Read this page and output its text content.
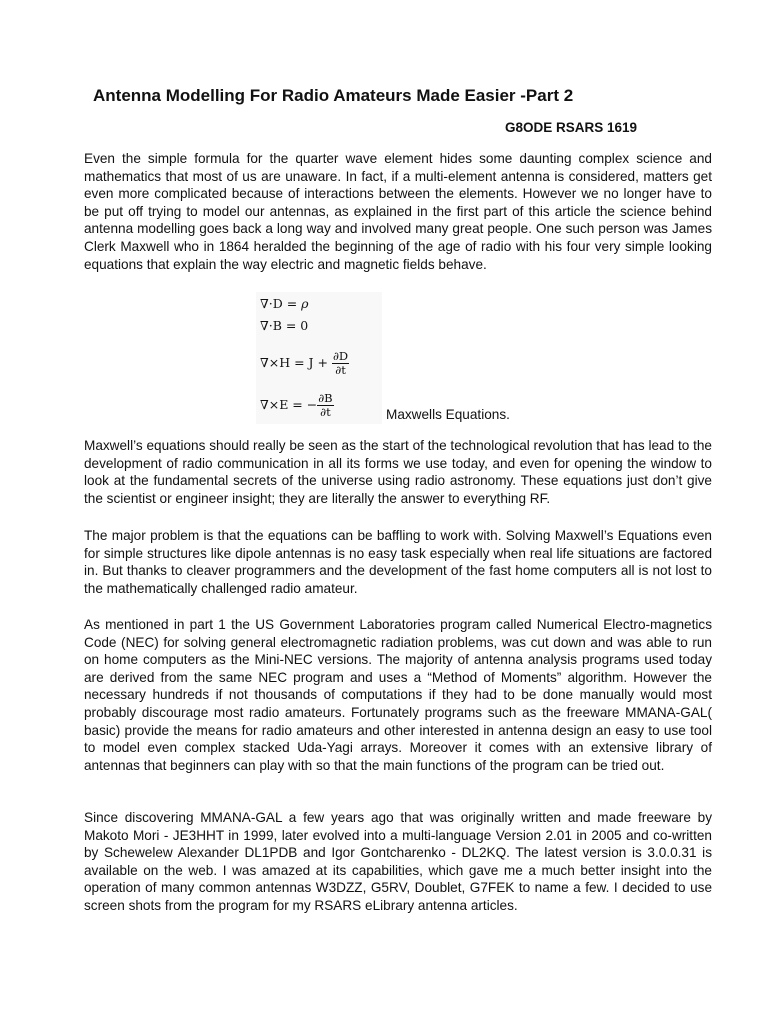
Antenna Modelling For Radio Amateurs Made Easier -Part 2
G8ODE RSARS 1619

Even the simple formula for the quarter wave element hides some daunting complex science and mathematics that most of us are unaware. In fact, if a multi-element antenna is considered, matters get even more complicated because of interactions between the elements. However we no longer have to be put off trying to model our antennas, as explained in the first part of this article the science behind antenna modelling goes back a long way and involved many great people. One such person was James Clerk Maxwell who in 1864 heralded the beginning of the age of radio with his four very simple looking equations that explain the way electric and magnetic fields behave.

∇·D = ρ
∇·B = 0
$\nabla\times H = J + \frac{\partial D}{\partial t}$
∇×E = − $\frac{\partial B}{\partial t}$	Maxwells Equations.

Maxwell’s equations should really be seen as the start of the technological revolution that has lead to the development of radio communication in all its forms we use today, and even for opening the window to look at the fundamental secrets of the universe using radio astronomy. These equations just don’t give the scientist or engineer insight; they are literally the answer to everything RF.

The major problem is that the equations can be baffling to work with. Solving Maxwell’s Equations even for simple structures like dipole antennas is no easy task especially when real life situations are factored in. But thanks to cleaver programmers and the development of the fast home computers all is not lost to the mathematically challenged radio amateur.

As mentioned in part 1 the US Government Laboratories program called Numerical Electro-magnetics Code (NEC) for solving general electromagnetic radiation problems, was cut down and was able to run on home computers as the Mini-NEC versions. The majority of antenna analysis programs used today are derived from the same NEC program and uses a “Method of Moments” algorithm. However the necessary hundreds if not thousands of computations if they had to be done manually would most probably discourage most radio amateurs. Fortunately programs such as the freeware MMANA-GAL( basic) provide the means for radio amateurs and other interested in antenna design an easy to use tool to model even complex stacked Uda-Yagi arrays. Moreover it comes with an extensive library of antennas that beginners can play with so that the main functions of the program can be tried out.

Since discovering MMANA-GAL a few years ago that was originally written and made freeware by Makoto Mori - JE3HHT in 1999, later evolved into a multi-language Version 2.01 in 2005 and co-written by Schewelew Alexander DL1PDB and Igor Gontcharenko - DL2KQ. The latest version is 3.0.0.31 is available on the web. I was amazed at its capabilities, which gave me a much better insight into the operation of many common antennas W3DZZ, G5RV, Doublet, G7FEK to name a few. I decided to use screen shots from the program for my RSARS eLibrary antenna articles.
